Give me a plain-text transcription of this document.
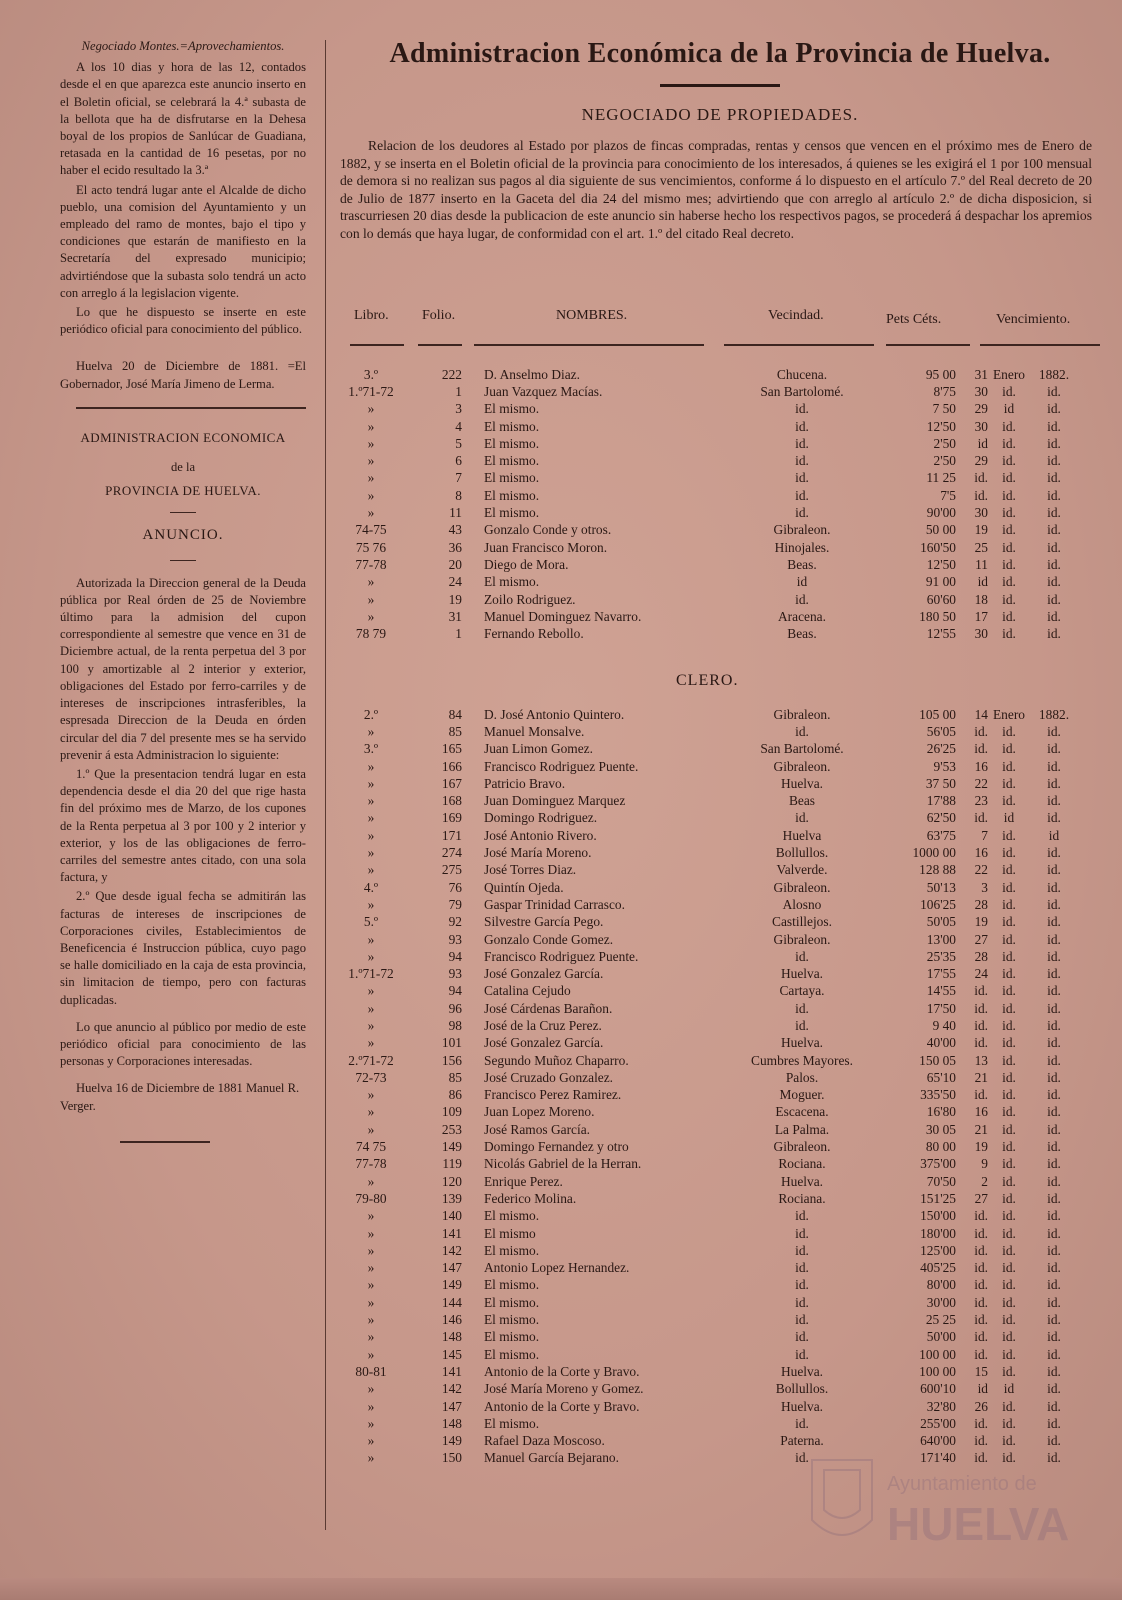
Negociado Montes.=Aprovechamientos.

A los 10 dias y hora de las 12, contados desde el en que aparezca este anuncio inserto en el Boletin oficial, se celebrará la 4.ª subasta de la bellota que ha de disfrutarse en la Dehesa boyal de los propios de Sanlúcar de Guadiana, retasada en la cantidad de 16 pesetas, por no haber el ecido resultado la 3.ª

El acto tendrá lugar ante el Alcalde de dicho pueblo, una comision del Ayuntamiento y un empleado del ramo de montes, bajo el tipo y condiciones que estarán de manifiesto en la Secretaría del expresado municipio; advirtiéndose que la subasta solo tendrá un acto con arreglo á la legislacion vigente.

Lo que he dispuesto se inserte en este periódico oficial para conocimiento del público.

Huelva 20 de Diciembre de 1881. =El Gobernador, José María Jimeno de Lerma.

ADMINISTRACION ECONOMICA

de la

PROVINCIA DE HUELVA.

ANUNCIO.

Autorizada la Direccion general de la Deuda pública por Real órden de 25 de Noviembre último para la admision del cupon correspondiente al semestre que vence en 31 de Diciembre actual, de la renta perpetua del 3 por 100 y amortizable al 2 interior y exterior, obligaciones del Estado por ferro-carriles y de intereses de inscripciones intrasferibles, la espresada Direccion de la Deuda en órden circular del dia 7 del presente mes se ha servido prevenir á esta Administracion lo siguiente:

1.º Que la presentacion tendrá lugar en esta dependencia desde el dia 20 del que rige hasta fin del próximo mes de Marzo, de los cupones de la Renta perpetua al 3 por 100 y 2 interior y exterior, y los de las obligaciones de ferro-carriles del semestre antes citado, con una sola factura, y

2.º Que desde igual fecha se admitirán las facturas de intereses de inscripciones de Corporaciones civiles, Establecimientos de Beneficencia é Instruccion pública, cuyo pago se halle domiciliado en la caja de esta provincia, sin limitacion de tiempo, pero con facturas duplicadas.

Lo que anuncio al público por medio de este periódico oficial para conocimiento de las personas y Corporaciones interesadas.

Huelva 16 de Diciembre de 1881 Manuel R. Verger.

Administracion Económica de la Provincia de Huelva.

NEGOCIADO DE PROPIEDADES.

Relacion de los deudores al Estado por plazos de fincas compradas, rentas y censos que vencen en el próximo mes de Enero de 1882, y se inserta en el Boletin oficial de la provincia para conocimiento de los interesados, á quienes se les exigirá el 1 por 100 mensual de demora si no realizan sus pagos al dia siguiente de sus vencimientos, conforme á lo dispuesto en el artículo 7.º del Real decreto de 20 de Julio de 1877 inserto en la Gaceta del dia 24 del mismo mes; advirtiendo que con arreglo al artículo 2.º de dicha disposicion, si trascurriesen 20 dias desde la publicacion de este anuncio sin haberse hecho los respectivos pagos, se procederá á despachar los apremios con lo demás que haya lugar, de conformidad con el art. 1.º del citado Real decreto.

Libro. Folio.	NOMBRES.	Vecindad.	Pets Céts.	Vencimiento.
3.º	222	D. Anselmo Diaz.	Chucena.	95 00	31	Enero	1882.
1.º71-72	1	Juan Vazquez Macías.	San Bartolomé.	8'75	30	id.	id.
»	3	El mismo.	id.	7 50	29	id	id.
»	4	El mismo.	id.	12'50	30	id.	id.
»	5	El mismo.	id.	2'50	id	id.	id.
»	6	El mismo.	id.	2'50	29	id.	id.
»	7	El mismo.	id.	11 25	id.	id.	id.
»	8	El mismo.	id.	7'5	id.	id.	id.
»	11	El mismo.	id.	90'00	30	id.	id.
74-75	43	Gonzalo Conde y otros.	Gibraleon.	50 00	19	id.	id.
75 76	36	Juan Francisco Moron.	Hinojales.	160'50	25	id.	id.
77-78	20	Diego de Mora.	Beas.	12'50	11	id.	id.
»	24	El mismo.	id	91 00	id	id.	id.
»	19	Zoilo Rodriguez.	id.	60'60	18	id.	id.
»	31	Manuel Dominguez Navarro.	Aracena.	180 50	17	id.	id.
78 79	1	Fernando Rebollo.	Beas.	12'55	30	id.	id.
CLERO.
2.º	84	D. José Antonio Quintero.	Gibraleon.	105 00	14	Enero	1882.
»	85	Manuel Monsalve.	id.	56'05	id.	id.	id.
3.º	165	Juan Limon Gomez.	San Bartolomé.	26'25	id.	id.	id.
»	166	Francisco Rodriguez Puente.	Gibraleon.	9'53	16	id.	id.
»	167	Patricio Bravo.	Huelva.	37 50	22	id.	id.
»	168	Juan Dominguez Marquez	Beas	17'88	23	id.	id.
»	169	Domingo Rodriguez.	id.	62'50	id.	id	id.
»	171	José Antonio Rivero.	Huelva	63'75	7	id.	id
»	274	José María Moreno.	Bollullos.	1000 00	16	id.	id.
»	275	José Torres Diaz.	Valverde.	128 88	22	id.	id.
4.º	76	Quintín Ojeda.	Gibraleon.	50'13	3	id.	id.
»	79	Gaspar Trinidad Carrasco.	Alosno	106'25	28	id.	id.
5.º	92	Silvestre García Pego.	Castillejos.	50'05	19	id.	id.
»	93	Gonzalo Conde Gomez.	Gibraleon.	13'00	27	id.	id.
»	94	Francisco Rodriguez Puente.	id.	25'35	28	id.	id.
1.º71-72	93	José Gonzalez García.	Huelva.	17'55	24	id.	id.
»	94	Catalina Cejudo	Cartaya.	14'55	id.	id.	id.
»	96	José Cárdenas Barañon.	id.	17'50	id.	id.	id.
»	98	José de la Cruz Perez.	id.	9 40	id.	id.	id.
»	101	José Gonzalez García.	Huelva.	40'00	id.	id.	id.
2.º71-72	156	Segundo Muñoz Chaparro.	Cumbres Mayores.	150 05	13	id.	id.
72-73	85	José Cruzado Gonzalez.	Palos.	65'10	21	id.	id.
»	86	Francisco Perez Ramirez.	Moguer.	335'50	id.	id.	id.
»	109	Juan Lopez Moreno.	Escacena.	16'80	16	id.	id.
»	253	José Ramos García.	La Palma.	30 05	21	id.	id.
74 75	149	Domingo Fernandez y otro	Gibraleon.	80 00	19	id.	id.
77-78	119	Nicolás Gabriel de la Herran.	Rociana.	375'00	9	id.	id.
»	120	Enrique Perez.	Huelva.	70'50	2	id.	id.
79-80	139	Federico Molina.	Rociana.	151'25	27	id.	id.
»	140	El mismo.	id.	150'00	id.	id.	id.
»	141	El mismo	id.	180'00	id.	id.	id.
»	142	El mismo.	id.	125'00	id.	id.	id.
»	147	Antonio Lopez Hernandez.	id.	405'25	id.	id.	id.
»	149	El mismo.	id.	80'00	id.	id.	id.
»	144	El mismo.	id.	30'00	id.	id.	id.
»	146	El mismo.	id.	25 25	id.	id.	id.
»	148	El mismo.	id.	50'00	id.	id.	id.
»	145	El mismo.	id.	100 00	id.	id.	id.
80-81	141	Antonio de la Corte y Bravo.	Huelva.	100 00	15	id.	id.
»	142	José María Moreno y Gomez.	Bollullos.	600'10	id	id	id.
»	147	Antonio de la Corte y Bravo.	Huelva.	32'80	26	id.	id.
»	148	El mismo.	id.	255'00	id.	id.	id.
»	149	Rafael Daza Moscoso.	Paterna.	640'00	id.	id.	id.
»	150	Manuel García Bejarano.	id.	171'40	id.	id.	id.
Ayuntamiento de
HUELVA
